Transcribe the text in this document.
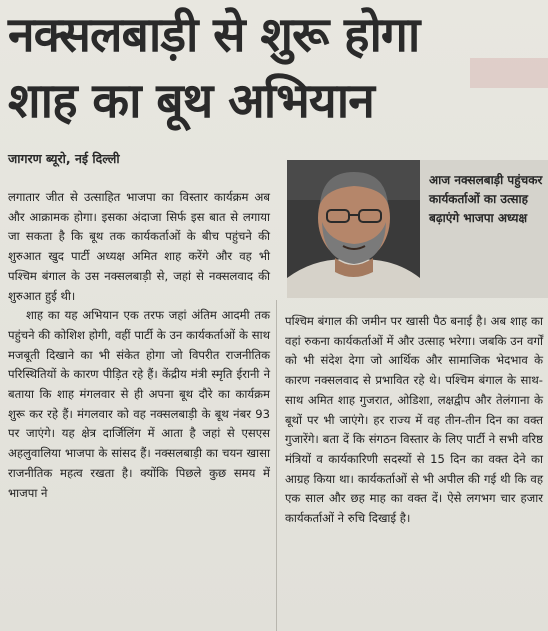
नक्सलबाड़ी से शुरू होगा
शाह का बूथ अभियान
जागरण ब्यूरो, नई दिल्ली

लगातार जीत से उत्साहित भाजपा का विस्तार कार्यक्रम अब और आक्रामक होगा। इसका अंदाजा सिर्फ इस बात से लगाया जा सकता है कि बूथ तक कार्यकर्ताओं के बीच पहुंचने की शुरुआत खुद पार्टी अध्यक्ष अमित शाह करेंगे और वह भी पश्चिम बंगाल के उस नक्सलबाड़ी से, जहां से नक्सलवाद की शुरुआत हुई थी।

शाह का यह अभियान एक तरफ जहां अंतिम आदमी तक पहुंचने की कोशिश होगी, वहीं पार्टी के उन कार्यकर्ताओं के साथ मजबूती दिखाने का भी संकेत होगा जो विपरीत राजनीतिक परिस्थितियों के कारण पीड़ित रहे हैं। केंद्रीय मंत्री स्मृति ईरानी ने बताया कि शाह मंगलवार से ही अपना बूथ दौरे का कार्यक्रम शुरू कर रहे हैं। मंगलवार को वह नक्सलबाड़ी के बूथ नंबर 93 पर जाएंगे। यह क्षेत्र दार्जिलिंग में आता है जहां से एसएस अहलुवालिया भाजपा के सांसद हैं। नक्सलबाड़ी का चयन खासा राजनीतिक महत्व रखता है। क्योंकि पिछले कुछ समय में भाजपा ने

आज नक्सलबाड़ी पहुंचकर कार्यकर्ताओं का उत्साह बढ़ाएंगे भाजपा अध्यक्ष

पश्चिम बंगाल की जमीन पर खासी पैठ बनाई है। अब शाह का वहां रुकना कार्यकर्ताओं में और उत्साह भरेगा। जबकि उन वर्गों को भी संदेश देगा जो आर्थिक और सामाजिक भेदभाव के कारण नक्सलवाद से प्रभावित रहे थे। पश्चिम बंगाल के साथ-साथ अमित शाह गुजरात, ओडिशा, लक्षद्वीप और तेलंगाना के बूथों पर भी जाएंगे। हर राज्य में वह तीन-तीन दिन का वक्त गुजारेंगे। बता दें कि संगठन विस्तार के लिए पार्टी ने सभी वरिष्ठ मंत्रियों व कार्यकारिणी सदस्यों से 15 दिन का वक्त देने का आग्रह किया था। कार्यकर्ताओं से भी अपील की गई थी कि वह एक साल और छह माह का वक्त दें। ऐसे लगभग चार हजार कार्यकर्ताओं ने रुचि दिखाई है।
